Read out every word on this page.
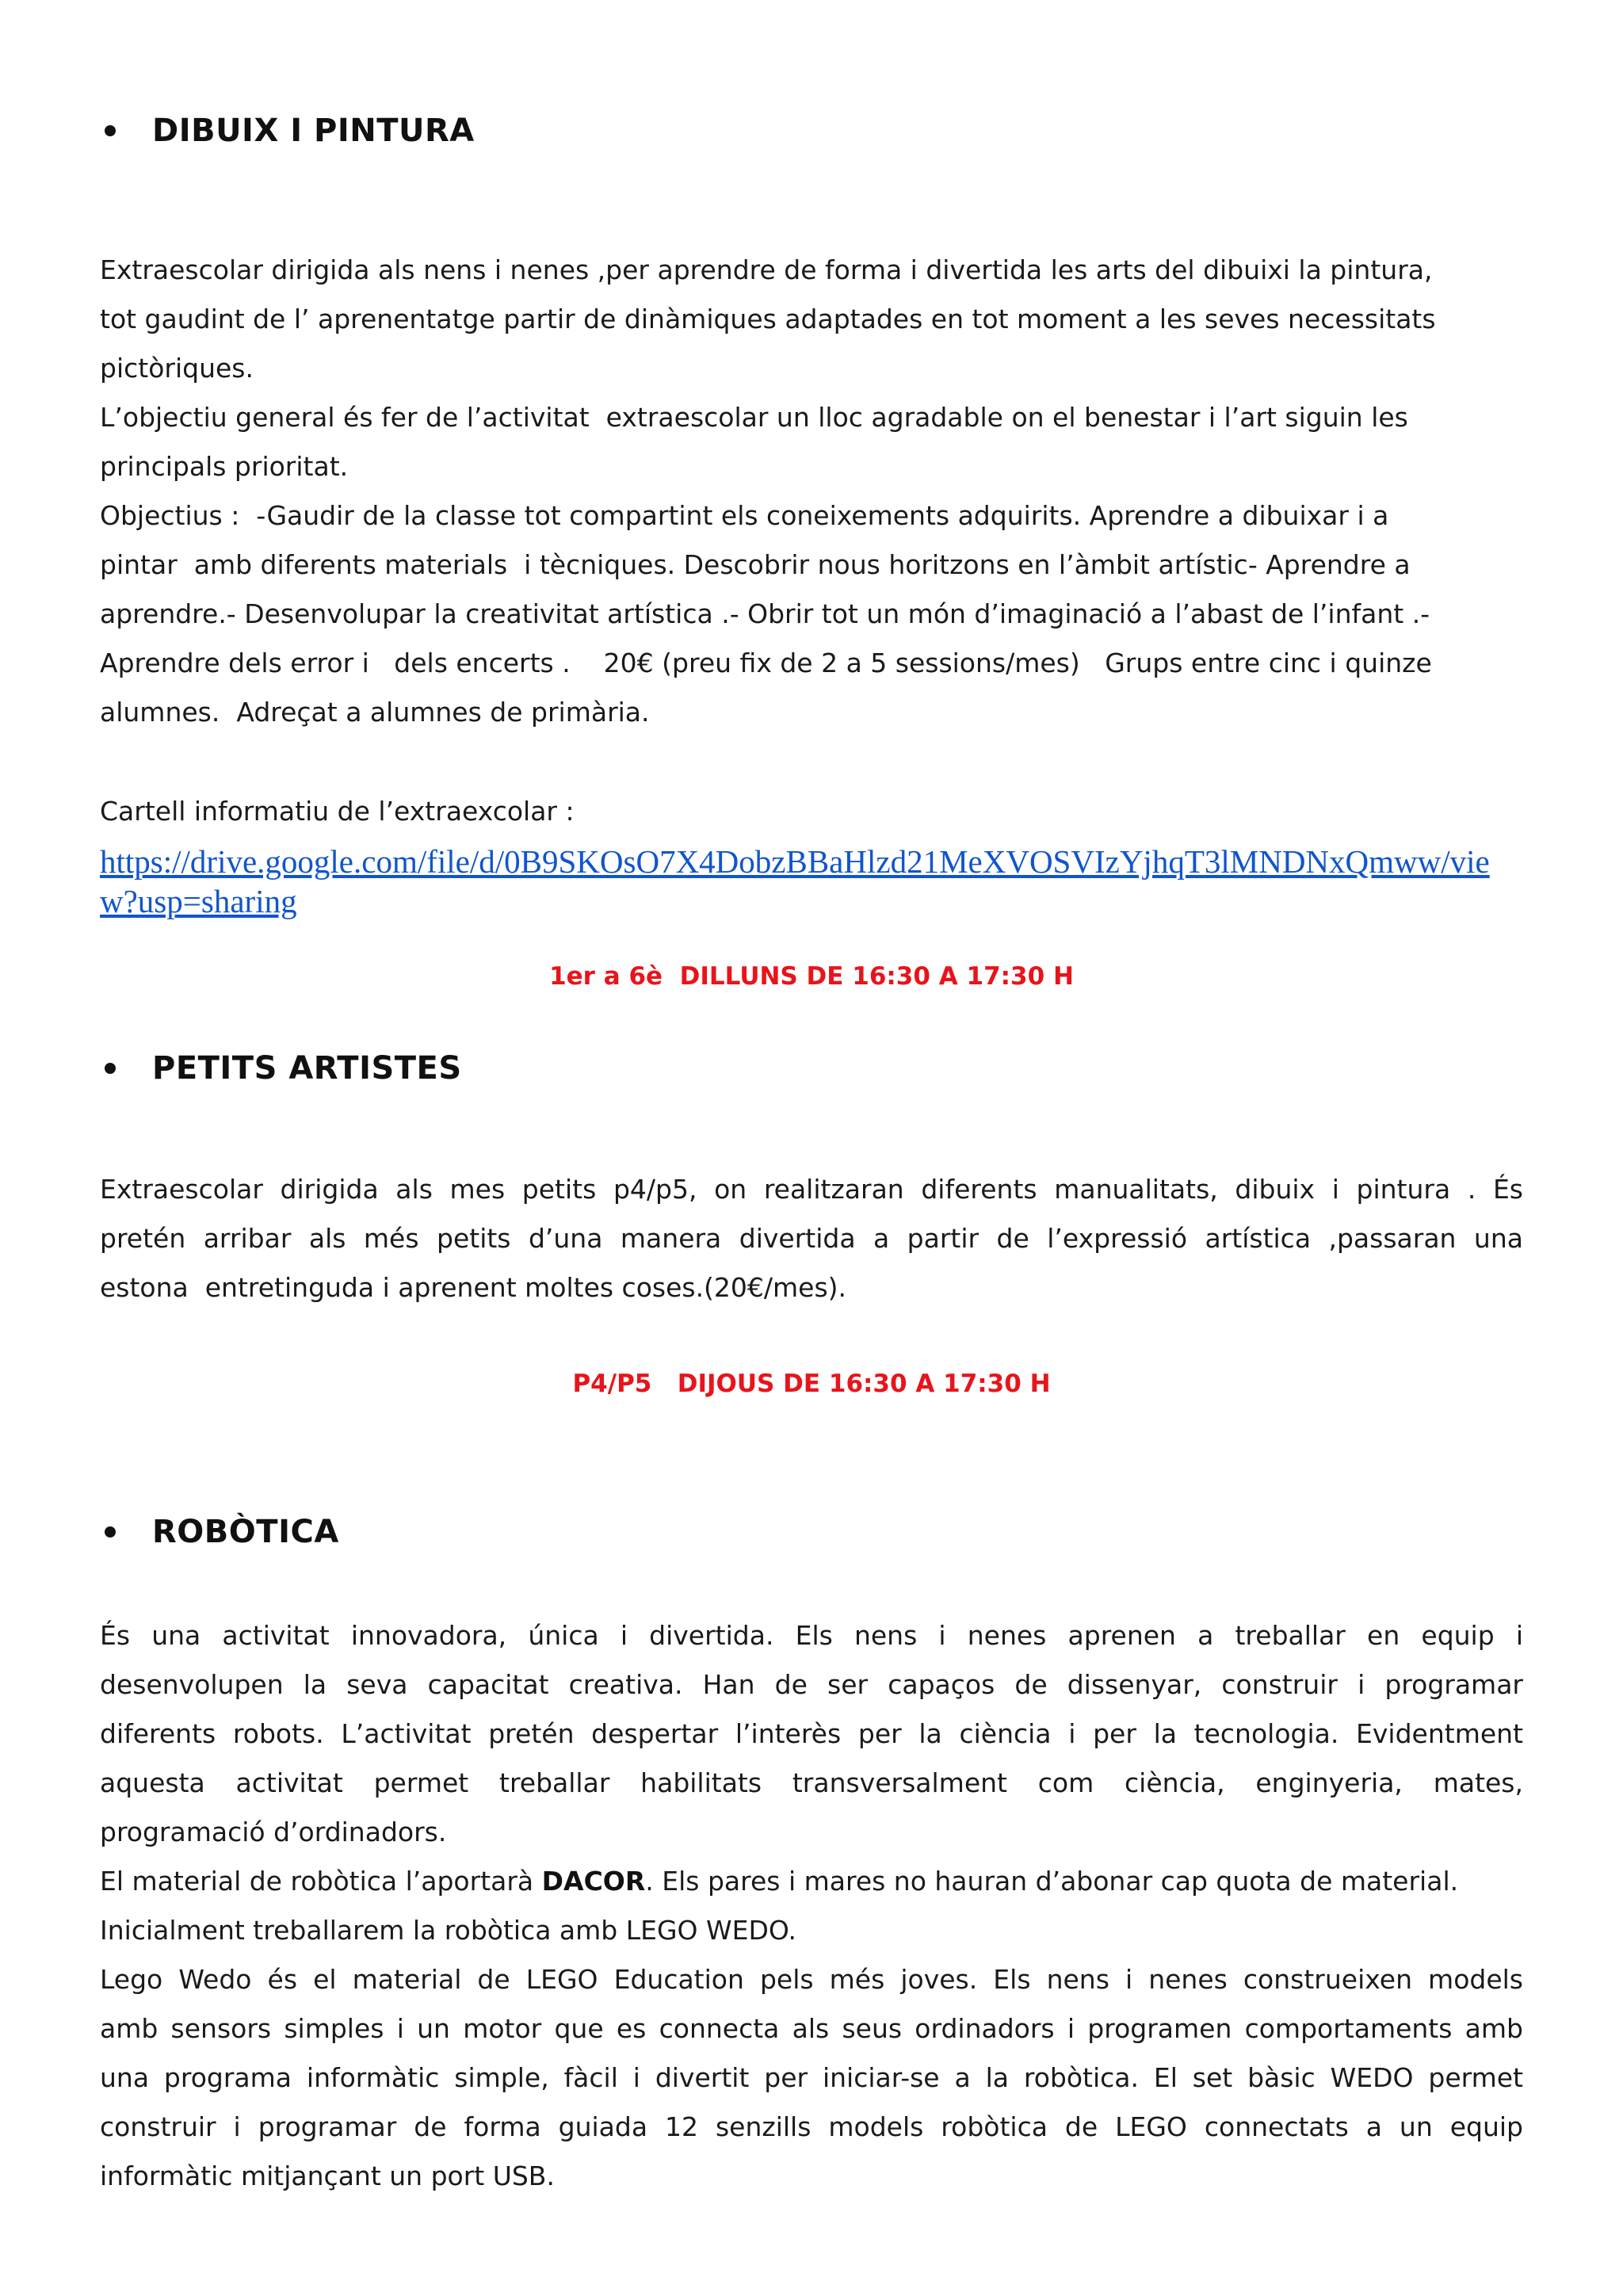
DIBUIX I PINTURA
Extraescolar dirigida als nens i nenes ,per aprendre de forma i divertida les arts del dibuixi la pintura,
tot gaudint de l’ aprenentatge partir de dinàmiques adaptades en tot moment a les seves necessitats
pictòriques.
L’objectiu general és fer de l’activitat  extraescolar un lloc agradable on el benestar i l’art siguin les
principals prioritat.
Objectius :  -Gaudir de la classe tot compartint els coneixements adquirits. Aprendre a dibuixar i a
pintar  amb diferents materials  i tècniques. Descobrir nous horitzons en l’àmbit artístic- Aprendre a
aprendre.- Desenvolupar la creativitat artística .- Obrir tot un món d’imaginació a l’abast de l’infant .-
Aprendre dels error i   dels encerts .    20€ (preu fix de 2 a 5 sessions/mes)   Grups entre cinc i quinze
alumnes.  Adreçat a alumnes de primària.
Cartell informatiu de l’extraexcolar :
https://drive.google.com/file/d/0B9SKOsO7X4DobzBBaHlzd21MeXVOSVIzYjhqT3lMNDNxQmww/view?usp=sharing
1er a 6è  DILLUNS DE 16:30 A 17:30 H
PETITS ARTISTES
Extraescolar dirigida als mes petits p4/p5, on realitzaran diferents manualitats, dibuix i pintura . És
pretén arribar als més petits d’una manera divertida a partir de l’expressió artística ,passaran una
estona  entretinguda i aprenent moltes coses.(20€/mes).
P4/P5   DIJOUS DE 16:30 A 17:30 H
ROBÒTICA
És una activitat innovadora, única i divertida. Els nens i nenes aprenen a treballar en equip i
desenvolupen la seva capacitat creativa. Han de ser capaços de dissenyar, construir i programar
diferents robots. L’activitat pretén despertar l’interès per la ciència i per la tecnologia. Evidentment
aquesta activitat permet treballar habilitats transversalment com ciència, enginyeria, mates,
programació d’ordinadors.
El material de robòtica l’aportarà DACOR. Els pares i mares no hauran d’abonar cap quota de material.
Inicialment treballarem la robòtica amb LEGO WEDO.
Lego Wedo és el material de LEGO Education pels més joves. Els nens i nenes construeixen models
amb sensors simples i un motor que es connecta als seus ordinadors i programen comportaments amb
una programa informàtic simple, fàcil i divertit per iniciar-se a la robòtica. El set bàsic WEDO permet
construir i programar de forma guiada 12 senzills models robòtica de LEGO connectats a un equip
informàtic mitjançant un port USB.
